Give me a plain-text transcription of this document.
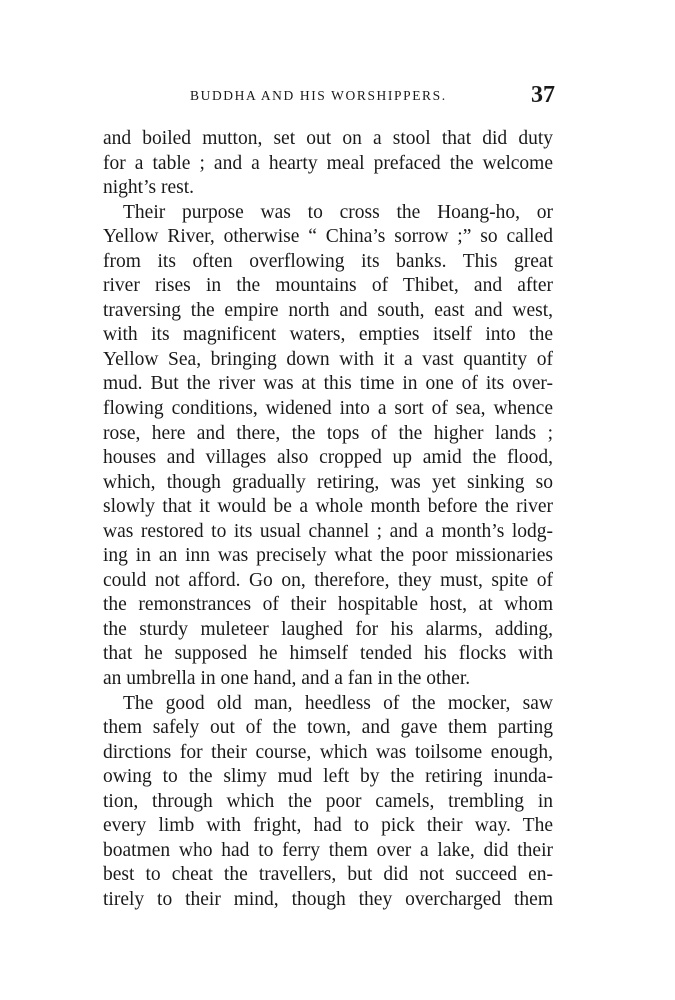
BUDDHA AND HIS WORSHIPPERS.	37
and boiled mutton, set out on a stool that did duty
for a table ; and a hearty meal prefaced the welcome
night’s rest.
Their purpose was to cross the Hoang-ho, or
Yellow River, otherwise “ China’s sorrow ;” so called
from its often overflowing its banks. This great
river rises in the mountains of Thibet, and after
traversing the empire north and south, east and west,
with its magnificent waters, empties itself into the
Yellow Sea, bringing down with it a vast quantity of
mud. But the river was at this time in one of its over-
flowing conditions, widened into a sort of sea, whence
rose, here and there, the tops of the higher lands ;
houses and villages also cropped up amid the flood,
which, though gradually retiring, was yet sinking so
slowly that it would be a whole month before the river
was restored to its usual channel ; and a month’s lodg-
ing in an inn was precisely what the poor missionaries
could not afford. Go on, therefore, they must, spite of
the remonstrances of their hospitable host, at whom
the sturdy muleteer laughed for his alarms, adding,
that he supposed he himself tended his flocks with
an umbrella in one hand, and a fan in the other.
The good old man, heedless of the mocker, saw
them safely out of the town, and gave them parting
dirctions for their course, which was toilsome enough,
owing to the slimy mud left by the retiring inunda-
tion, through which the poor camels, trembling in
every limb with fright, had to pick their way. The
boatmen who had to ferry them over a lake, did their
best to cheat the travellers, but did not succeed en-
tirely to their mind, though they overcharged them
